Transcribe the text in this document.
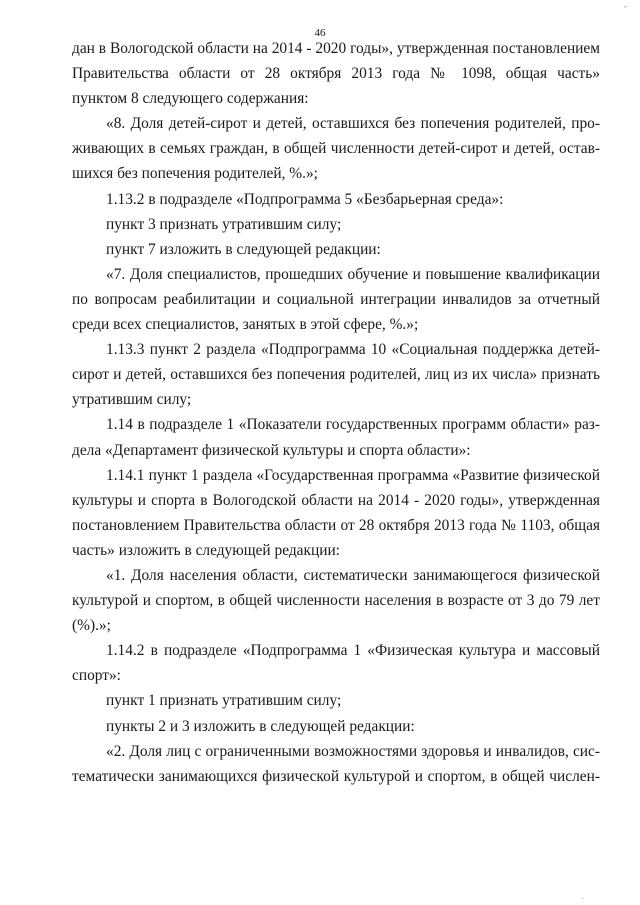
,.
46
дан в Вологодской области на 2014 - 2020 годы», утвержденная постановлением
Правительства области от 28 октября 2013 года № 1098, общая часть»
пунктом 8 следующего содержания:
«8. Доля детей-сирот и детей, оставшихся без попечения родителей, про-
живающих в семьях граждан, в общей численности детей-сирот и детей, остав-
шихся без попечения родителей, %.»;
1.13.2 в подразделе «Подпрограмма 5 «Безбарьерная среда»:
пункт 3 признать утратившим силу;
пункт 7 изложить в следующей редакции:
«7. Доля специалистов, прошедших обучение и повышение квалификации
по вопросам реабилитации и социальной интеграции инвалидов за отчетный
среди всех специалистов, занятых в этой сфере, %.»;
1.13.3 пункт 2 раздела «Подпрограмма 10 «Социальная поддержка детей-
сирот и детей, оставшихся без попечения родителей, лиц из их числа» признать
утратившим силу;
1.14 в подразделе 1 «Показатели государственных программ области» раз-
дела «Департамент физической культуры и спорта области»:
1.14.1 пункт 1 раздела «Государственная программа «Развитие физической
культуры и спорта в Вологодской области на 2014 - 2020 годы», утвержденная
постановлением Правительства области от 28 октября 2013 года № 1103, общая
часть» изложить в следующей редакции:
«1. Доля населения области, систематически занимающегося физической
культурой и спортом, в общей численности населения в возрасте от 3 до 79 лет
(%).»;
1.14.2 в подразделе «Подпрограмма 1 «Физическая культура и массовый
спорт»:
пункт 1 признать утратившим силу;
пункты 2 и 3 изложить в следующей редакции:
«2. Доля лиц с ограниченными возможностями здоровья и инвалидов, сис-
тематически занимающихся физической культурой и спортом, в общей числен-
.
